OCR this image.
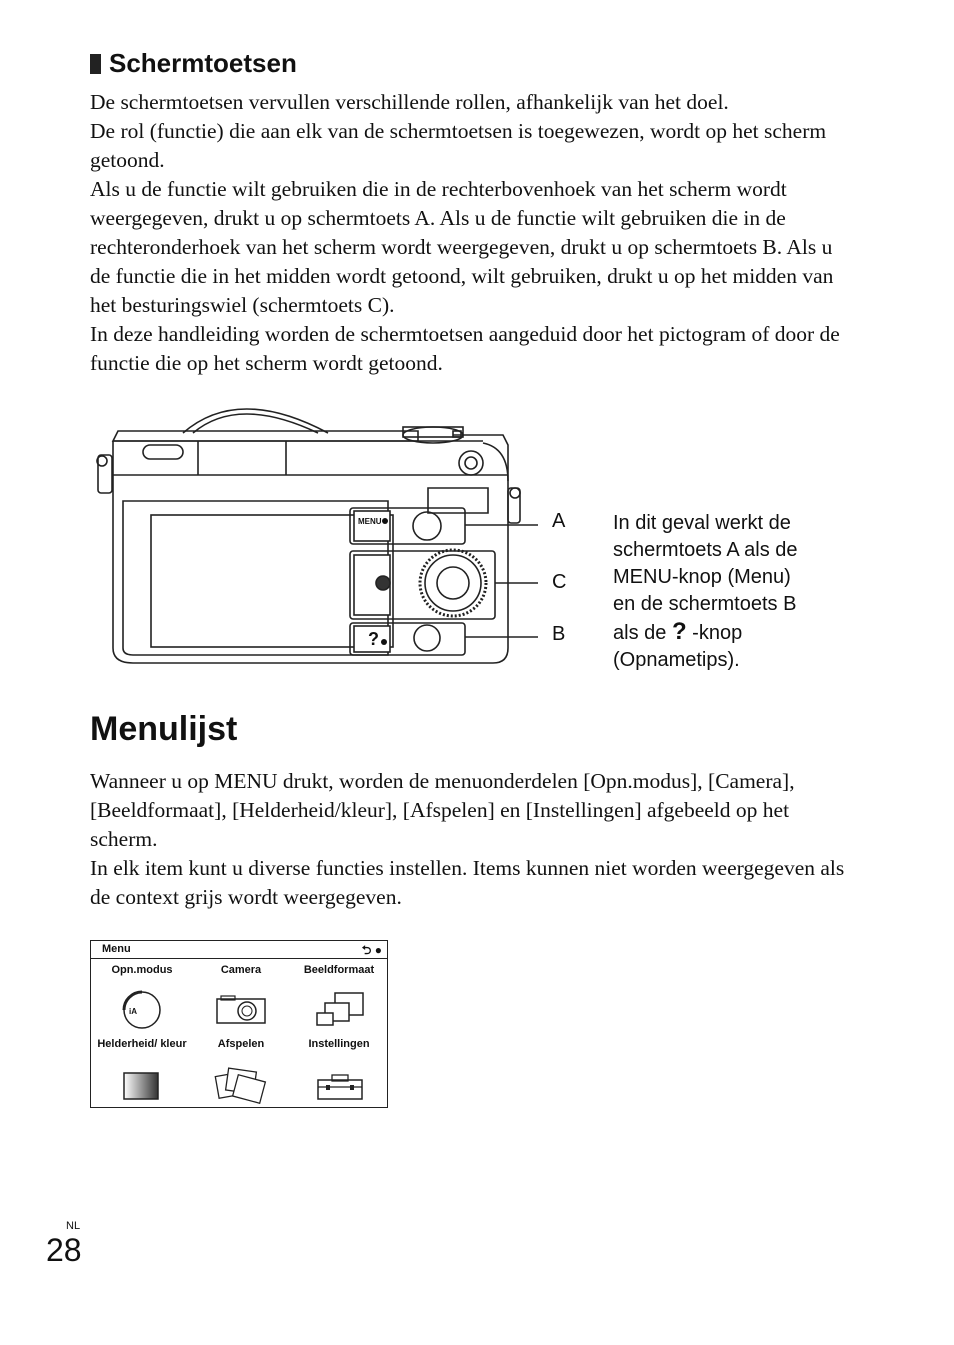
Schermtoetsen

De schermtoetsen vervullen verschillende rollen, afhankelijk van het doel.

De rol (functie) die aan elk van de schermtoetsen is toegewezen, wordt op het scherm getoond.

Als u de functie wilt gebruiken die in de rechterbovenhoek van het scherm wordt weergegeven, drukt u op schermtoets A. Als u de functie wilt gebruiken die in de rechteronderhoek van het scherm wordt weergegeven, drukt u op schermtoets B. Als u de functie die in het midden wordt getoond, wilt gebruiken, drukt u op het midden van het besturingswiel (schermtoets C).

In deze handleiding worden de schermtoetsen aangeduid door het pictogram of door de functie die op het scherm wordt getoond.

MENU
?
A
C
B
In dit geval werkt de
schermtoets A als de
MENU-knop (Menu)
en de schermtoets B
als de ? -knop
(Opnametips).
Menulijst

Wanneer u op MENU drukt, worden de menuonderdelen [Opn.modus], [Camera], [Beeldformaat], [Helderheid/kleur], [Afspelen] en [Instellingen] afgebeeld op het scherm.

In elk item kunt u diverse functies instellen. Items kunnen niet worden weergegeven als de context grijs wordt weergegeven.

Menu	⮌ ●
Opn.modus	Camera	Beeldformaat
iA
Helderheid/ kleur	Afspelen	Instellingen
NL
28
